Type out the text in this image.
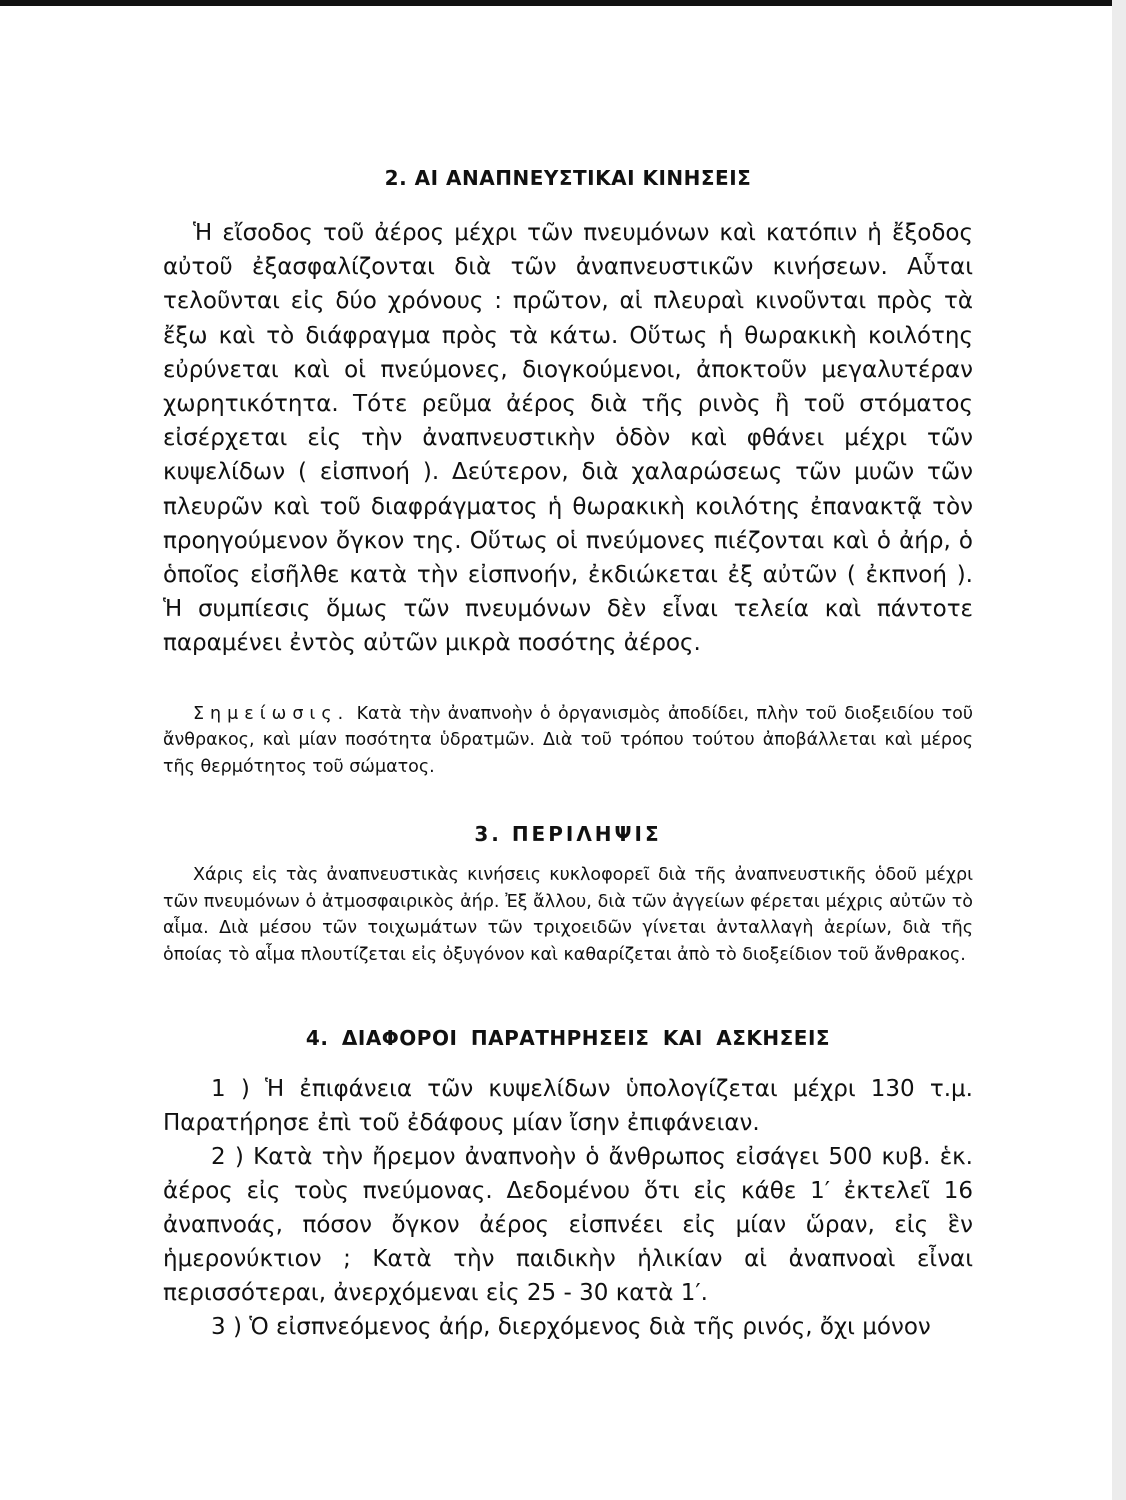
2. ΑΙ ΑΝΑΠΝΕΥΣΤΙΚΑΙ ΚΙΝΗΣΕΙΣ

Ἡ εἴσοδος τοῦ ἀέρος μέχρι τῶν πνευμόνων καὶ κατόπιν ἡ ἔξοδος αὐτοῦ ἐξασφαλίζονται διὰ τῶν ἀναπνευστικῶν κινήσεων. Αὗται τελοῦνται εἰς δύο χρόνους : πρῶτον, αἱ πλευραὶ κινοῦνται πρὸς τὰ ἔξω καὶ τὸ διάφραγμα πρὸς τὰ κάτω. Οὕτως ἡ θωρακικὴ κοιλότης εὐρύνεται καὶ οἱ πνεύμονες, διογκούμενοι, ἀποκτοῦν μεγαλυτέραν χωρητικότητα. Τότε ρεῦμα ἀέρος διὰ τῆς ρινὸς ἢ τοῦ στόματος εἰσέρχεται εἰς τὴν ἀναπνευστικὴν ὁδὸν καὶ φθάνει μέχρι τῶν κυψελίδων ( εἰσπνοή ). Δεύτερον, διὰ χαλαρώσεως τῶν μυῶν τῶν πλευρῶν καὶ τοῦ διαφράγματος ἡ θωρακικὴ κοιλότης ἐπανακτᾷ τὸν προηγούμενον ὄγκον της. Οὕτως οἱ πνεύμονες πιέζονται καὶ ὁ ἀήρ, ὁ ὁποῖος εἰσῆλθε κατὰ τὴν εἰσπνοήν, ἐκδιώκεται ἐξ αὐτῶν ( ἐκπνοή ). Ἡ συμπίεσις ὅμως τῶν πνευμόνων δὲν εἶναι τελεία καὶ πάντοτε παραμένει ἐντὸς αὐτῶν μικρὰ ποσότης ἀέρος.

Σημείωσις. Κατὰ τὴν ἀναπνοὴν ὁ ὀργανισμὸς ἀποδίδει, πλὴν τοῦ διοξειδίου τοῦ ἄνθρακος, καὶ μίαν ποσότητα ὑδρατμῶν. Διὰ τοῦ τρόπου τούτου ἀποβάλλεται καὶ μέρος τῆς θερμότητος τοῦ σώματος.

3. ΠΕΡΙΛΗΨΙΣ

Χάρις εἰς τὰς ἀναπνευστικὰς κινήσεις κυκλοφορεῖ διὰ τῆς ἀναπνευστικῆς ὁδοῦ μέχρι τῶν πνευμόνων ὁ ἀτμοσφαιρικὸς ἀήρ. Ἐξ ἄλλου, διὰ τῶν ἀγγείων φέρεται μέχρις αὐτῶν τὸ αἷμα. Διὰ μέσου τῶν τοιχωμάτων τῶν τριχοειδῶν γίνεται ἀνταλλαγὴ ἀερίων, διὰ τῆς ὁποίας τὸ αἷμα πλουτίζεται εἰς ὀξυγόνον καὶ καθαρίζεται ἀπὸ τὸ διοξείδιον τοῦ ἄνθρακος.

4. ΔΙΑΦΟΡΟΙ ΠΑΡΑΤΗΡΗΣΕΙΣ ΚΑΙ ΑΣΚΗΣΕΙΣ

1 ) Ἡ ἐπιφάνεια τῶν κυψελίδων ὑπολογίζεται μέχρι 130 τ.μ. Παρατήρησε ἐπὶ τοῦ ἐδάφους μίαν ἴσην ἐπιφάνειαν.

2 ) Κατὰ τὴν ἤρεμον ἀναπνοὴν ὁ ἄνθρωπος εἰσάγει 500 κυβ. ἑκ. ἀέρος εἰς τοὺς πνεύμονας. Δεδομένου ὅτι εἰς κάθε 1′ ἐκτελεῖ 16 ἀναπνοάς, πόσον ὄγκον ἀέρος εἰσπνέει εἰς μίαν ὥραν, εἰς ἓν ἡμερονύκτιον ; Κατὰ τὴν παιδικὴν ἡλικίαν αἱ ἀναπνοαὶ εἶναι περισσότεραι, ἀνερχόμεναι εἰς 25 - 30 κατὰ 1′.

3 ) Ὁ εἰσπνεόμενος ἀήρ, διερχόμενος διὰ τῆς ρινός, ὄχι μόνον
